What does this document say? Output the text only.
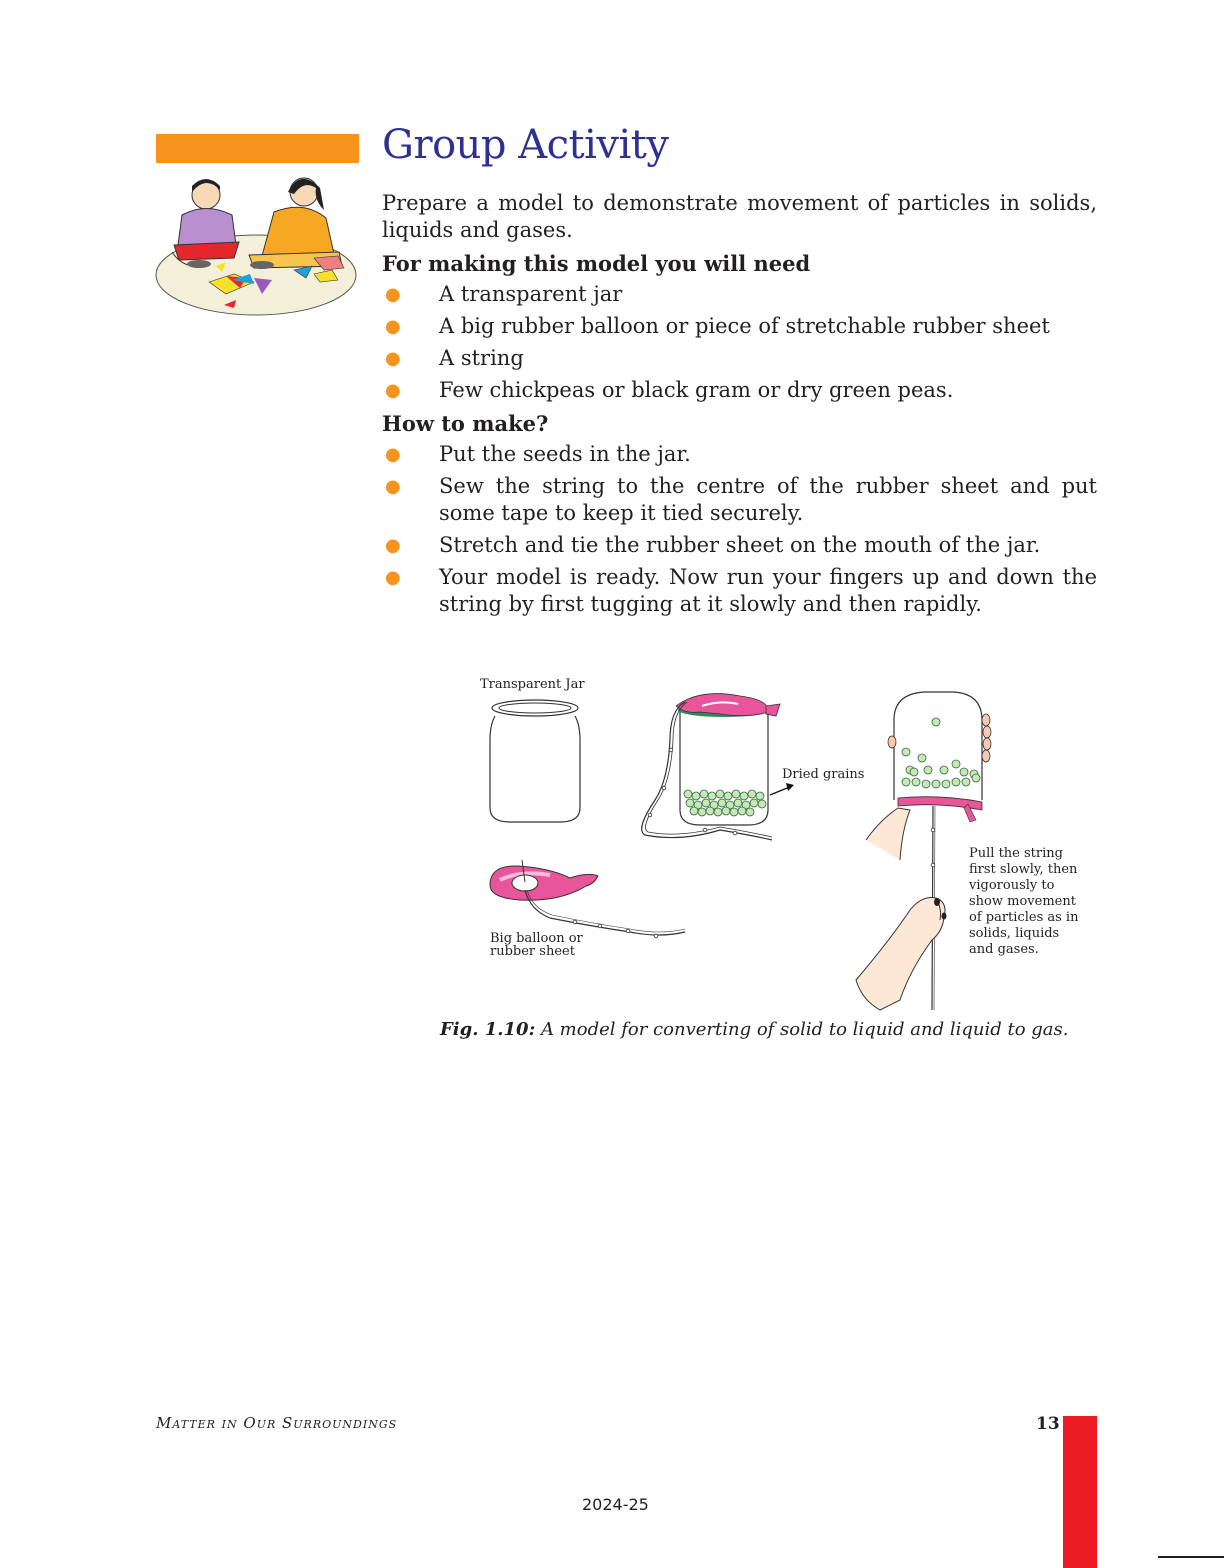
Group Activity

Prepare a model to demonstrate movement of particles in solids, liquids and gases.

For making this model you will need

● A transparent jar
● A big rubber balloon or piece of stretchable rubber sheet
● A string
● Few chickpeas or black gram or dry green peas.

How to make?

● Put the seeds in the jar.
● Sew the string to the centre of the rubber sheet and put some tape to keep it tied securely.
● Stretch and tie the rubber sheet on the mouth of the jar.
● Your model is ready. Now run your fingers up and down the string by first tugging at it slowly and then rapidly.

Transparent Jar

Dried grains

Big balloon or

rubber sheet

Pull the string

first slowly, then

vigorously to

show movement

of particles as in

solids, liquids

and gases.

Fig. 1.10: A model for converting of solid to liquid and liquid to gas.

Matter in Our Surroundings	13

2024-25
